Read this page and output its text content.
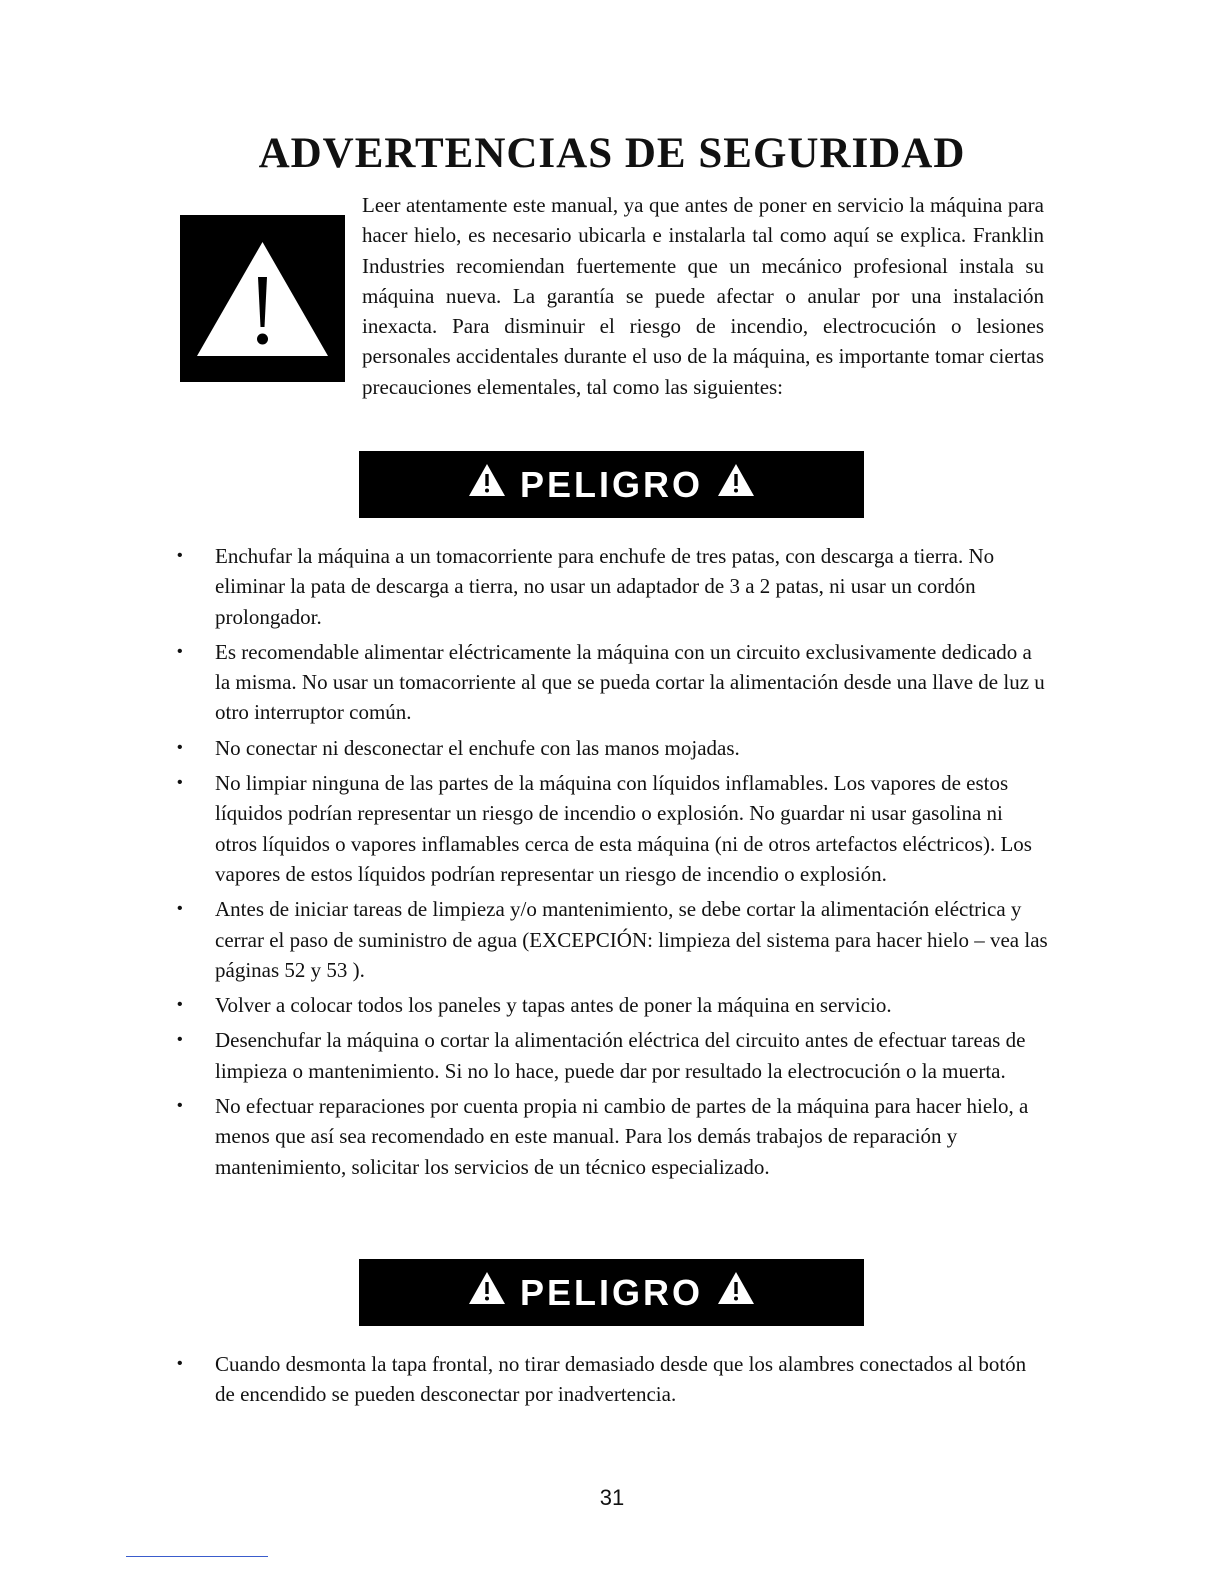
ADVERTENCIAS DE SEGURIDAD

Leer atentamente este manual, ya que antes de poner en servicio la máquina para hacer hielo, es necesario ubicarla e instalarla tal como aquí se explica. Franklin Industries recomiendan fuertemente que un mecánico profesional instala su máquina nueva. La garantía se puede afectar o anular por una instalación inexacta. Para disminuir el riesgo de incendio, electrocución o lesiones personales accidentales durante el uso de la máquina, es importante tomar ciertas precauciones elementales, tal como las siguientes:

PELIGRO
• Enchufar la máquina a un tomacorriente para enchufe de tres patas, con descarga a tierra. No eliminar la pata de descarga a tierra, no usar un adaptador de 3 a 2 patas, ni usar un cordón prolongador.
• Es recomendable alimentar eléctricamente la máquina con un circuito exclusivamente dedicado a la misma. No usar un tomacorriente al que se pueda cortar la alimentación desde una llave de luz u otro interruptor común.
• No conectar ni desconectar el enchufe con las manos mojadas.
• No limpiar ninguna de las partes de la máquina con líquidos inflamables. Los vapores de estos líquidos podrían representar un riesgo de incendio o explosión. No guardar ni usar gasolina ni otros líquidos o vapores inflamables cerca de esta máquina (ni de otros artefactos eléctricos). Los vapores de estos líquidos podrían representar un riesgo de incendio o explosión.
• Antes de iniciar tareas de limpieza y/o mantenimiento, se debe cortar la alimentación eléctrica y cerrar el paso de suministro de agua (EXCEPCIÓN: limpieza del sistema para hacer hielo – vea las páginas 52 y 53 ).
• Volver a colocar todos los paneles y tapas antes de poner la máquina en servicio.
• Desenchufar la máquina o cortar la alimentación eléctrica del circuito antes de efectuar tareas de limpieza o mantenimiento. Si no lo hace, puede dar por resultado la electrocución o la muerta.
• No efectuar reparaciones por cuenta propia ni cambio de partes de la máquina para hacer hielo, a menos que así sea recomendado en este manual. Para los demás trabajos de reparación y mantenimiento, solicitar los servicios de un técnico especializado.
PELIGRO
• Cuando desmonta la tapa frontal, no tirar demasiado desde que los alambres conectados al botón de encendido se pueden desconectar por inadvertencia.
31
